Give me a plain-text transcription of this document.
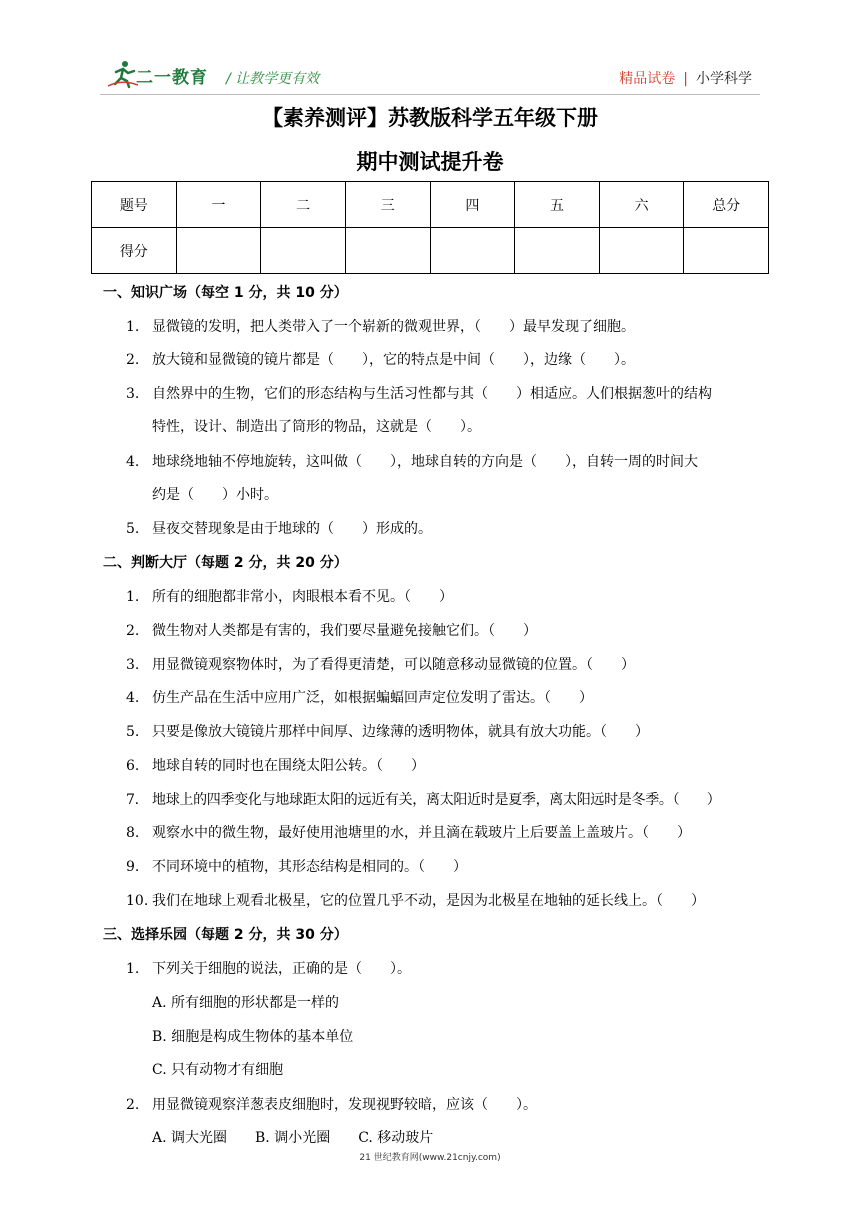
二一教育 / 让教学更有效	精品试卷 | 小学科学
【素养测评】苏教版科学五年级下册
期中测试提升卷
题号	一	二	三	四	五	六	总分
得分							
一、知识广场（每空 1 分，共 10 分）
1. 显微镜的发明，把人类带入了一个崭新的微观世界，（　　）最早发现了细胞。
2. 放大镜和显微镜的镜片都是（　　），它的特点是中间（　　），边缘（　　）。
3. 自然界中的生物，它们的形态结构与生活习性都与其（　　）相适应。人们根据葱叶的结构
特性，设计、制造出了筒形的物品，这就是（　　）。
4. 地球绕地轴不停地旋转，这叫做（　　），地球自转的方向是（　　），自转一周的时间大
约是（　　）小时。
5. 昼夜交替现象是由于地球的（　　）形成的。
二、判断大厅（每题 2 分，共 20 分）
1. 所有的细胞都非常小，肉眼根本看不见。（　　）
2. 微生物对人类都是有害的，我们要尽量避免接触它们。（　　）
3. 用显微镜观察物体时，为了看得更清楚，可以随意移动显微镜的位置。（　　）
4. 仿生产品在生活中应用广泛，如根据蝙蝠回声定位发明了雷达。（　　）
5. 只要是像放大镜镜片那样中间厚、边缘薄的透明物体，就具有放大功能。（　　）
6. 地球自转的同时也在围绕太阳公转。（　　）
7. 地球上的四季变化与地球距太阳的远近有关，离太阳近时是夏季，离太阳远时是冬季。（　　）
8. 观察水中的微生物，最好使用池塘里的水，并且滴在载玻片上后要盖上盖玻片。（　　）
9. 不同环境中的植物，其形态结构是相同的。（　　）
10. 我们在地球上观看北极星，它的位置几乎不动，是因为北极星在地轴的延长线上。（　　）
三、选择乐园（每题 2 分，共 30 分）
1. 下列关于细胞的说法，正确的是（　　）。
A. 所有细胞的形状都是一样的
B. 细胞是构成生物体的基本单位
C. 只有动物才有细胞
2. 用显微镜观察洋葱表皮细胞时，发现视野较暗，应该（　　）。
A. 调大光圈　　B. 调小光圈　　C. 移动玻片
21 世纪教育网(www.21cnjy.com)
